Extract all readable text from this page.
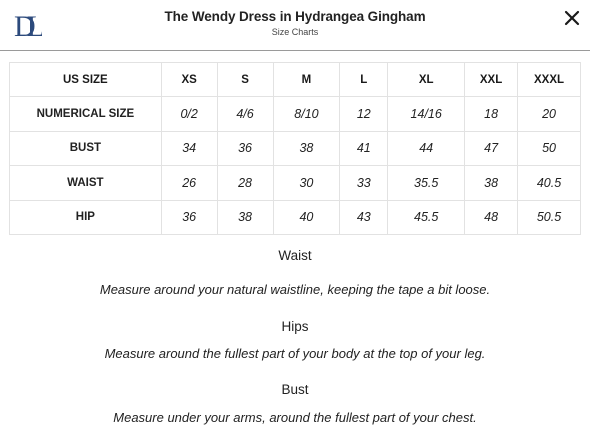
DL	The Wendy Dress in Hydrangea Gingham
Size Charts
US SIZE	XS	S	M	L	XL	XXL	XXXL
NUMERICAL SIZE	0/2	4/6	8/10	12	14/16	18	20
BUST	34	36	38	41	44	47	50
WAIST	26	28	30	33	35.5	38	40.5
HIP	36	38	40	43	45.5	48	50.5
Waist
Measure around your natural waistline, keeping the tape a bit loose.
Hips
Measure around the fullest part of your body at the top of your leg.
Bust
Measure under your arms, around the fullest part of your chest.
